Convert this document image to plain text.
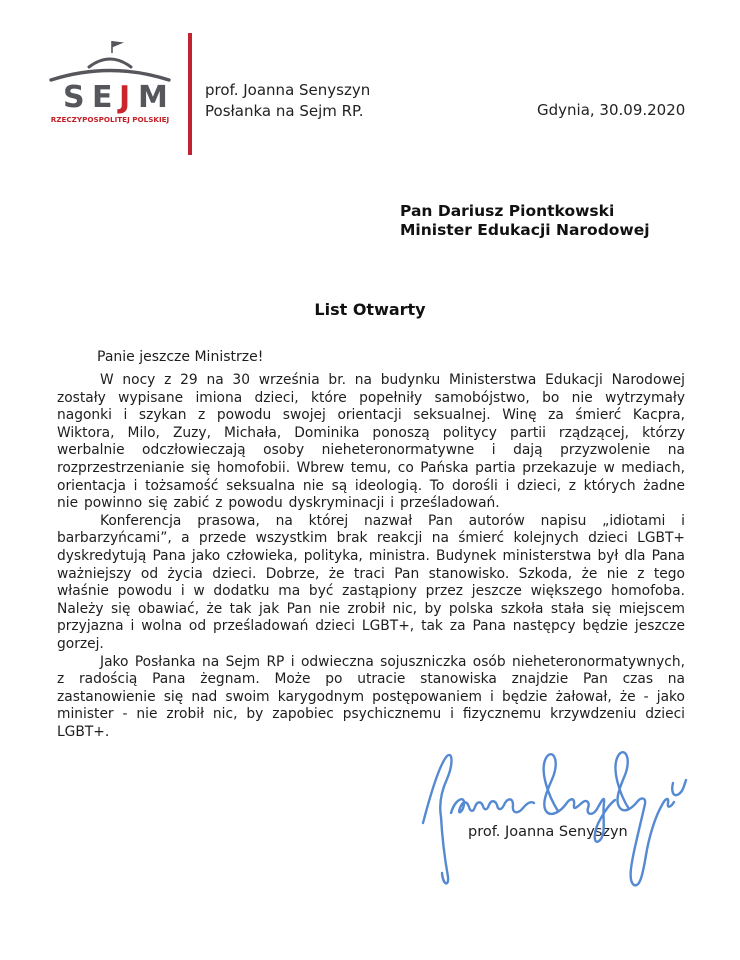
S E J M
RZECZYPOSPOLITEJ POLSKIEJ
prof. Joanna Senyszyn
Posłanka na Sejm RP.	Gdynia, 30.09.2020
Pan Dariusz Piontkowski
Minister Edukacji Narodowej
List Otwarty
Panie jeszcze Ministrze!

W nocy z 29 na 30 września br. na budynku Ministerstwa Edukacji Narodowej zostały wypisane imiona dzieci, które popełniły samobójstwo, bo nie wytrzymały nagonki i szykan z powodu swojej orientacji seksualnej. Winę za śmierć Kacpra, Wiktora, Milo, Zuzy, Michała, Dominika ponoszą politycy partii rządzącej, którzy werbalnie odczłowieczają osoby nieheteronormatywne i dają przyzwolenie na rozprzestrzenianie się homofobii. Wbrew temu, co Pańska partia przekazuje w mediach, orientacja i tożsamość seksualna nie są ideologią. To dorośli i dzieci, z których żadne nie powinno się zabić z powodu dyskryminacji i prześladowań.

Konferencja prasowa, na której nazwał Pan autorów napisu „idiotami i barbarzyńcami”, a przede wszystkim brak reakcji na śmierć kolejnych dzieci LGBT+ dyskredytują Pana jako człowieka, polityka, ministra. Budynek ministerstwa był dla Pana ważniejszy od życia dzieci. Dobrze, że traci Pan stanowisko. Szkoda, że nie z tego właśnie powodu i w dodatku ma być zastąpiony przez jeszcze większego homofoba. Należy się obawiać, że tak jak Pan nie zrobił nic, by polska szkoła stała się miejscem przyjazna i wolna od prześladowań dzieci LGBT+, tak za Pana następcy będzie jeszcze gorzej.

Jako Posłanka na Sejm RP i odwieczna sojuszniczka osób nieheteronormatywnych, z radością Pana żegnam. Może po utracie stanowiska znajdzie Pan czas na zastanowienie się nad swoim karygodnym postępowaniem i będzie żałował, że - jako minister - nie zrobił nic, by zapobiec psychicznemu i fizycznemu krzywdzeniu dzieci LGBT+.

prof. Joanna Senyszyn
